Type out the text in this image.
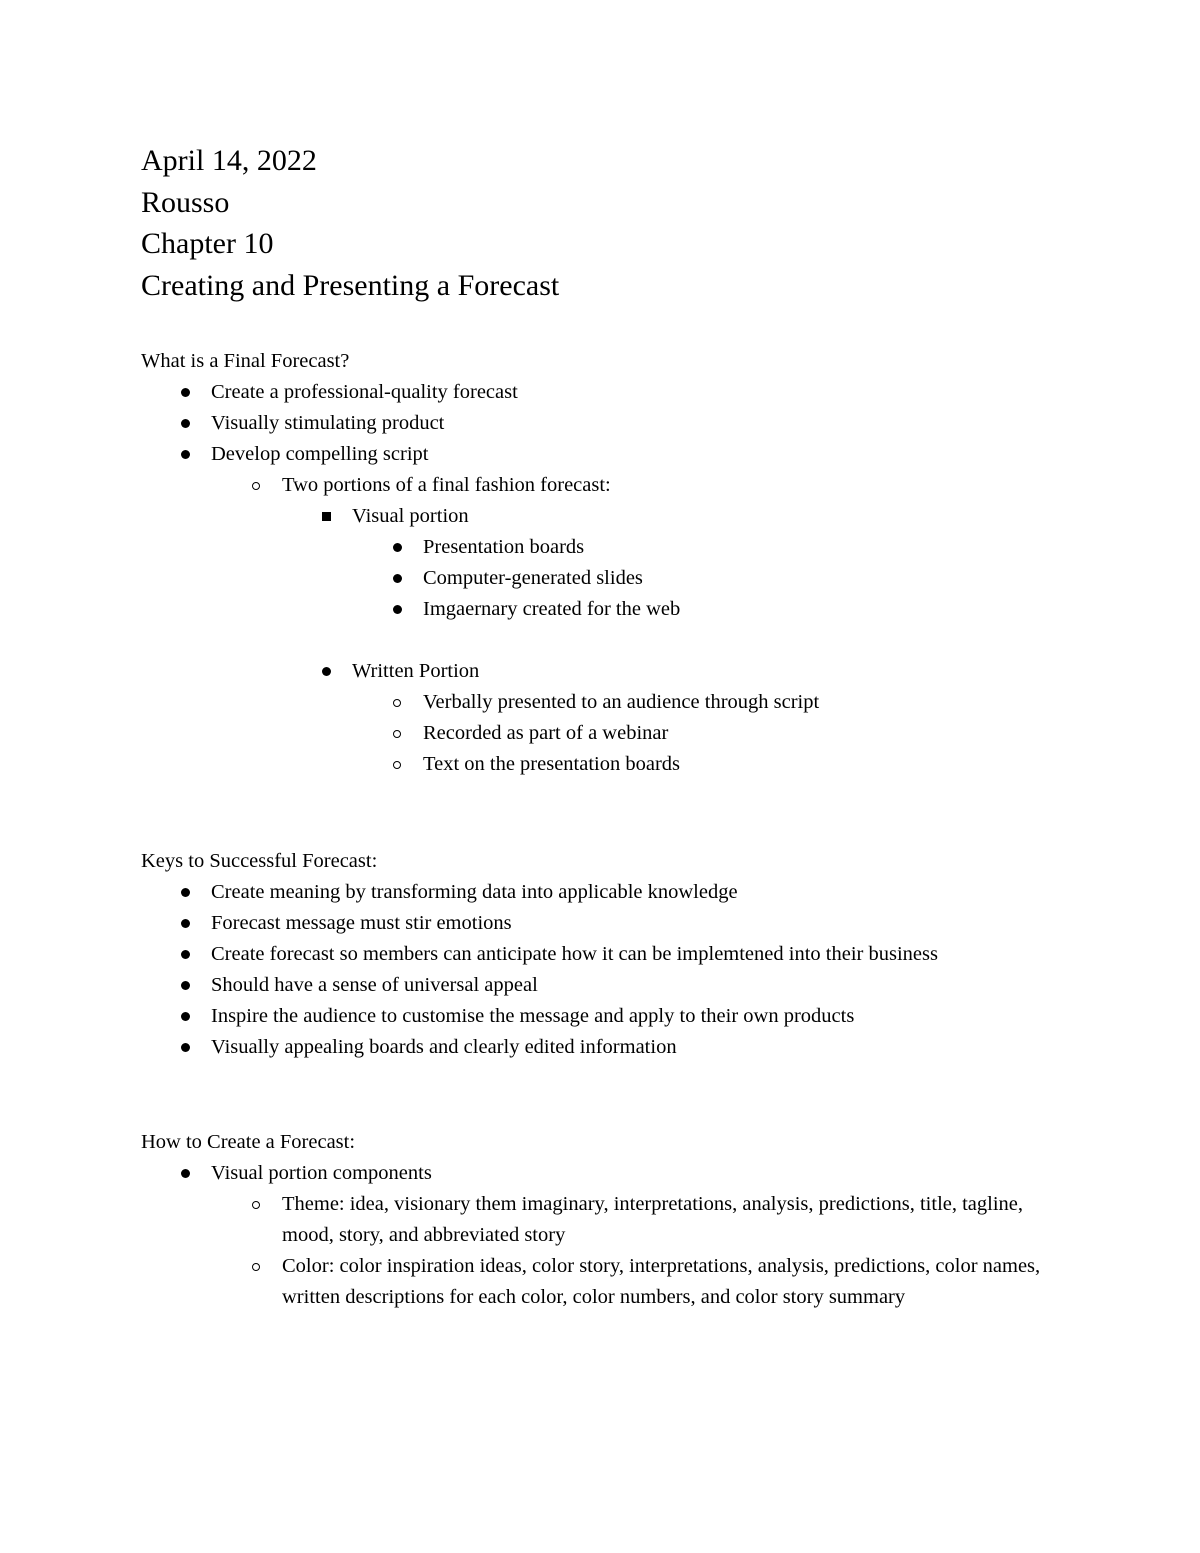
April 14, 2022
Rousso
Chapter 10
Creating and Presenting a Forecast
What is a Final Forecast?
Create a professional-quality forecast
Visually stimulating product
Develop compelling script
Two portions of a final fashion forecast:
Visual portion
Presentation boards
Computer-generated slides
Imgaernary created for the web
Written Portion
Verbally presented to an audience through script
Recorded as part of a webinar
Text on the presentation boards
Keys to Successful Forecast:
Create meaning by transforming data into applicable knowledge
Forecast message must stir emotions
Create forecast so members can anticipate how it can be implemtened into their business
Should have a sense of universal appeal
Inspire the audience to customise the message and apply to their own products
Visually appealing boards and clearly edited information
How to Create a Forecast:
Visual portion components
Theme: idea, visionary them imaginary, interpretations, analysis, predictions, title, tagline, mood, story, and abbreviated story
Color: color inspiration ideas, color story, interpretations, analysis, predictions, color names, written descriptions for each color, color numbers, and color story summary
